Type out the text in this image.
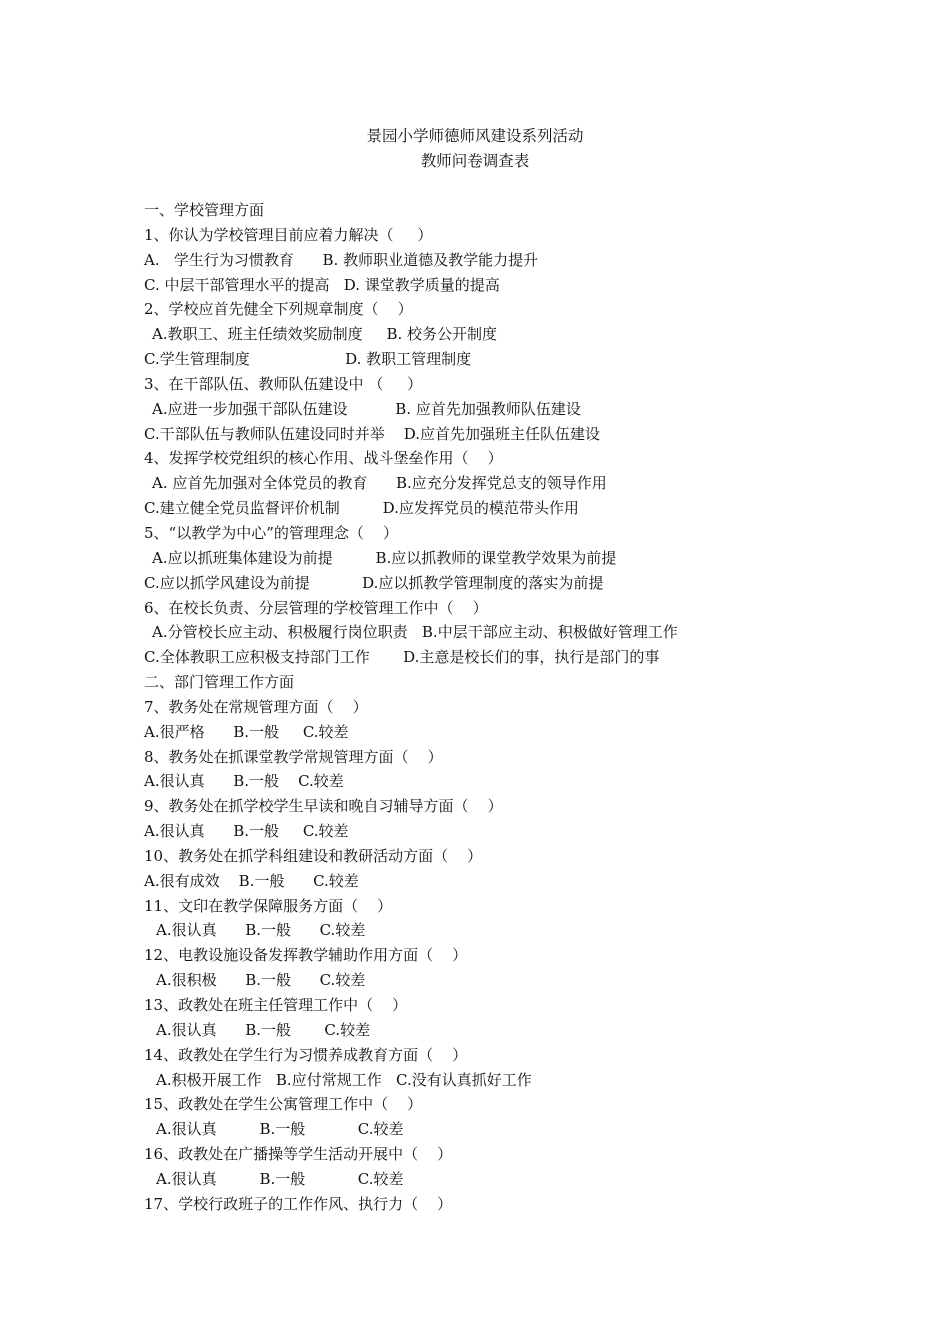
景园小学师德师风建设系列活动
教师问卷调查表
一、学校管理方面
1、你认为学校管理目前应着力解决（     ）
A.   学生行为习惯教育      B. 教师职业道德及教学能力提升
C. 中层干部管理水平的提高   D. 课堂教学质量的提高
2、学校应首先健全下列规章制度（    ）
A.教职工、班主任绩效奖励制度     B. 校务公开制度
C.学生管理制度                    D. 教职工管理制度
3、在干部队伍、教师队伍建设中 （     ）
A.应进一步加强干部队伍建设          B. 应首先加强教师队伍建设
C.干部队伍与教师队伍建设同时并举    D.应首先加强班主任队伍建设
4、发挥学校党组织的核心作用、战斗堡垒作用（    ）
A. 应首先加强对全体党员的教育      B.应充分发挥党总支的领导作用
C.建立健全党员监督评价机制         D.应发挥党员的模范带头作用
5、“以教学为中心”的管理理念（    ）
A.应以抓班集体建设为前提         B.应以抓教师的课堂教学效果为前提
C.应以抓学风建设为前提           D.应以抓教学管理制度的落实为前提
6、在校长负责、分层管理的学校管理工作中（    ）
A.分管校长应主动、积极履行岗位职责   B.中层干部应主动、积极做好管理工作
C.全体教职工应积极支持部门工作       D.主意是校长们的事，执行是部门的事
二、部门管理工作方面
7、教务处在常规管理方面（    ）
A.很严格      B.一般     C.较差
8、教务处在抓课堂教学常规管理方面（    ）
A.很认真      B.一般    C.较差
9、教务处在抓学校学生早读和晚自习辅导方面（    ）
A.很认真      B.一般     C.较差
10、教务处在抓学科组建设和教研活动方面（    ）
A.很有成效    B.一般      C.较差
11、文印在教学保障服务方面（    ）
A.很认真      B.一般      C.较差
12、电教设施设备发挥教学辅助作用方面（    ）
A.很积极      B.一般      C.较差
13、政教处在班主任管理工作中（    ）
A.很认真      B.一般       C.较差
14、政教处在学生行为习惯养成教育方面（    ）
A.积极开展工作   B.应付常规工作   C.没有认真抓好工作
15、政教处在学生公寓管理工作中（    ）
A.很认真         B.一般           C.较差
16、政教处在广播操等学生活动开展中（    ）
A.很认真         B.一般           C.较差
17、学校行政班子的工作作风、执行力（    ）
